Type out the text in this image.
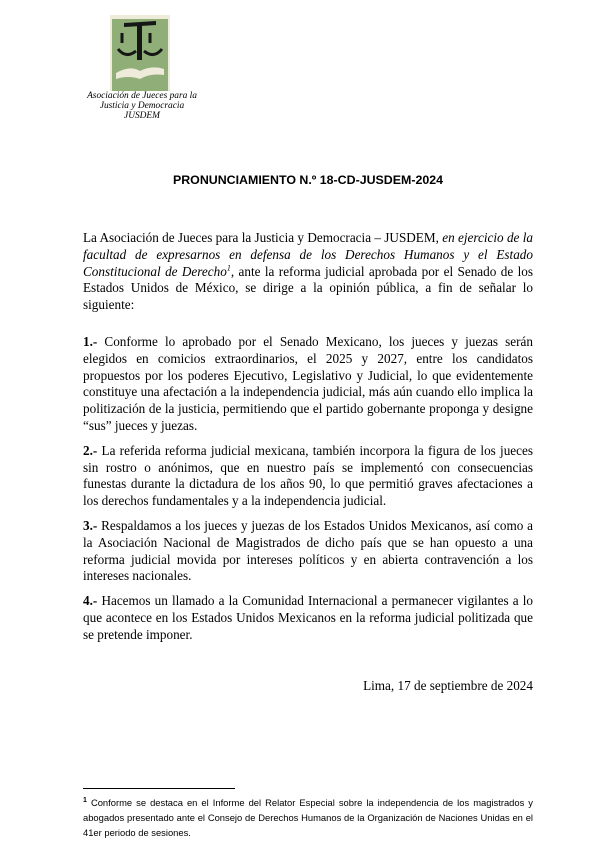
Asociación de Jueces para la
Justicia y Democracia
JUSDEM
PRONUNCIAMIENTO N.º 18-CD-JUSDEM-2024

La Asociación de Jueces para la Justicia y Democracia – JUSDEM, en ejercicio de la facultad de expresarnos en defensa de los Derechos Humanos y el Estado Constitucional de Derecho$^1$, ante la reforma judicial aprobada por el Senado de los Estados Unidos de México, se dirige a la opinión pública, a fin de señalar lo siguiente:

1.- Conforme lo aprobado por el Senado Mexicano, los jueces y juezas serán elegidos en comicios extraordinarios, el 2025 y 2027, entre los candidatos propuestos por los poderes Ejecutivo, Legislativo y Judicial, lo que evidentemente constituye una afectación a la independencia judicial, más aún cuando ello implica la politización de la justicia, permitiendo que el partido gobernante proponga y designe “sus” jueces y juezas.

2.- La referida reforma judicial mexicana, también incorpora la figura de los jueces sin rostro o anónimos, que en nuestro país se implementó con consecuencias funestas durante la dictadura de los años 90, lo que permitió graves afectaciones a los derechos fundamentales y a la independencia judicial.

3.- Respaldamos a los jueces y juezas de los Estados Unidos Mexicanos, así como a la Asociación Nacional de Magistrados de dicho país que se han opuesto a una reforma judicial movida por intereses políticos y en abierta contravención a los intereses nacionales.

4.- Hacemos un llamado a la Comunidad Internacional a permanecer vigilantes a lo que acontece en los Estados Unidos Mexicanos en la reforma judicial politizada que se pretende imponer.

Lima, 17 de septiembre de 2024
$^1$ Conforme se destaca en el Informe del Relator Especial sobre la independencia de los magistrados y abogados presentado ante el Consejo de Derechos Humanos de la Organización de Naciones Unidas en el 41er periodo de sesiones.
